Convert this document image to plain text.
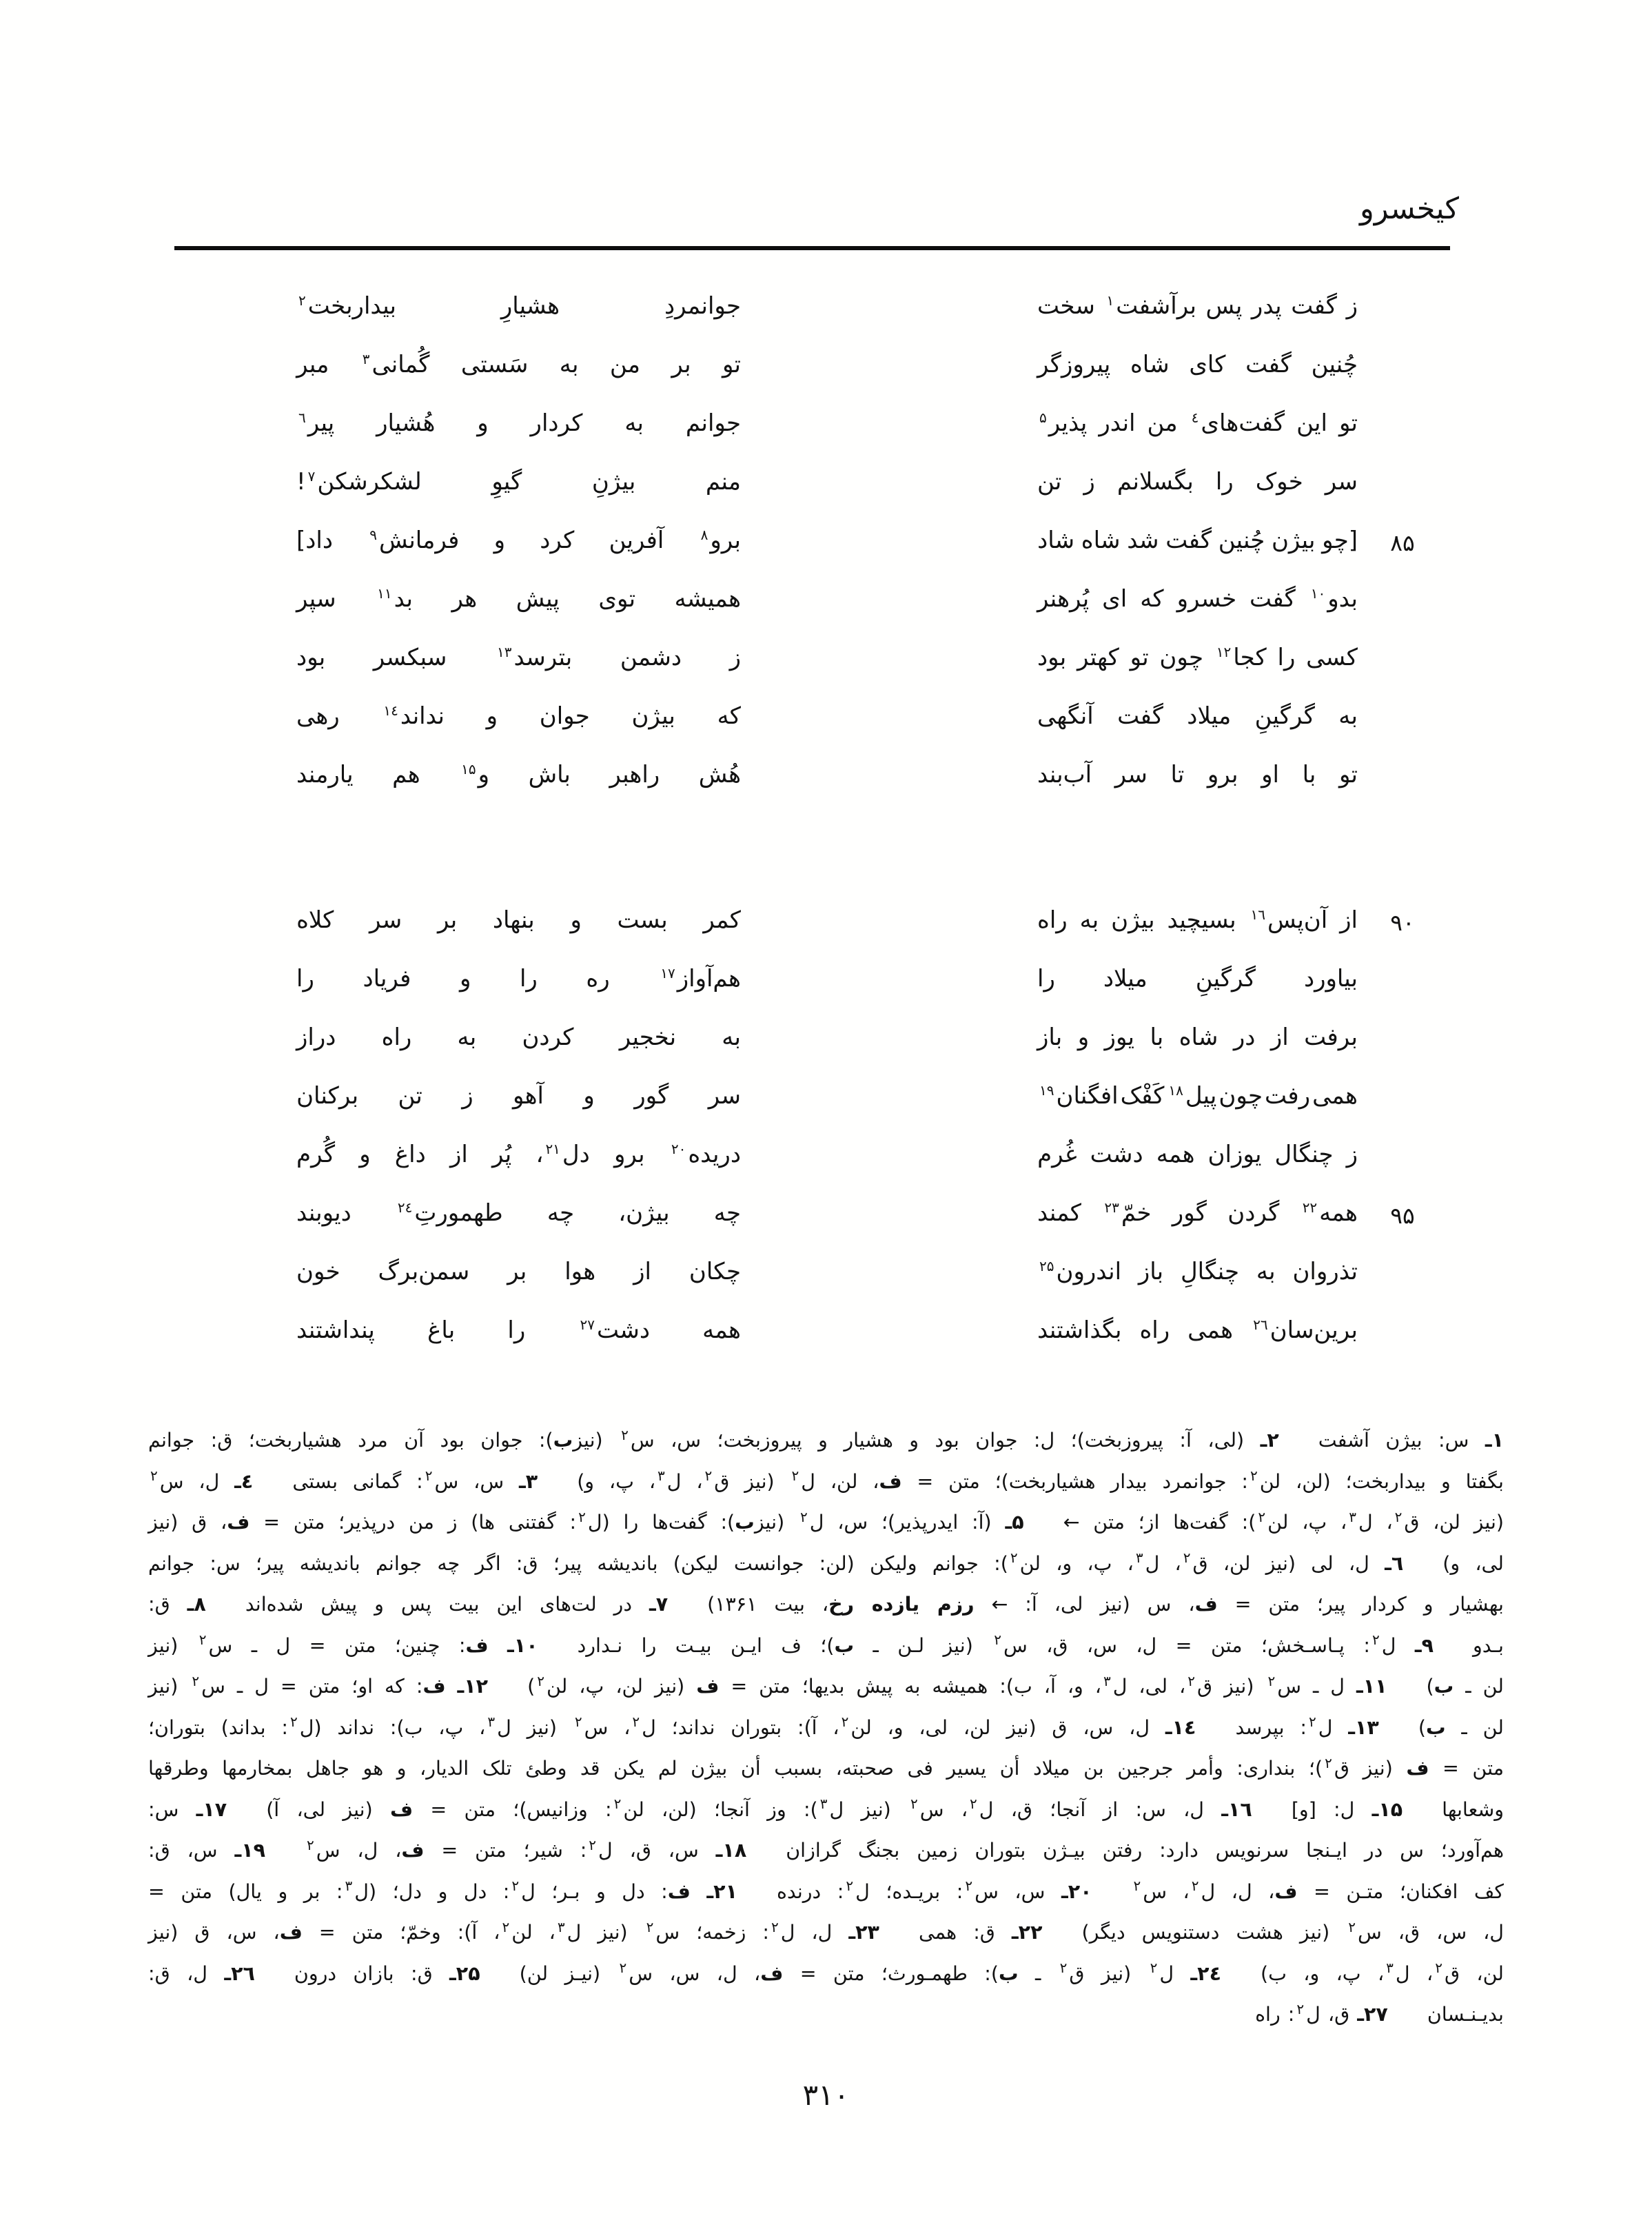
کیخسرو
ز
گفت
پدر
پس
برآشفت$^۱$
سخت
جوانمردِ
هشیارِ
بیداربخت$^۲$
چُنین
گفت
کای
شاه
پیروزگر
تو
بر
من
به
سَستی
گُمانی$^۳$
مبر
تو
این
گفت‌های$^٤$
من
اندر
پذیر$^۵$
جوانم
به
کردار
و
هُشیار
پیر$^٦$
سر
خوک
را
بگسلانم
ز
تن
منم
بیژنِ
گیوِ
لشکرشکن$^۷$!
۸۵
[چو
بیژن
چُنین
گفت
شد
شاه
شاد
برو$^۸$
آفرین
کرد
و
فرمانش$^۹$
داد]
بدو$^{۱۰}$
گفت
خسرو
که
ای
پُرهنر
همیشه
توی
پیش
هر
بد$^{۱۱}$
سپر
کسی
را
کجا$^{۱۲}$
چون
تو
کهتر
بود
ز
دشمن
بترسد$^{۱۳}$
سبکسر
بود
به
گرگینِ
میلاد
گفت
آنگهی
که
بیژن
جوان
و
نداند$^{۱٤}$
رهی
تو
با
او
برو
تا
سر
آب‌بند
هُش
راهبر
باش
و$^{۱۵}$
هم
یارمند
۹۰
از
آن‌پس$^{۱٦}$
بسیچید
بیژن
به
راه
کمر
بست
و
بنهاد
بر
سر
کلاه
بیاورد
گرگینِ
میلاد
را
هم‌آواز$^{۱۷}$
ره
را
و
فریاد
را
برفت
از
در
شاه
با
یوز
و
باز
به
نخجیر
کردن
به
راه
دراز
همی
رفت
چون
پیل$^{۱۸}$
کَفْک
افگنان$^{۱۹}$
سر
گور
و
آهو
ز
تن
برکنان
ز
چنگال
یوزان
همه
دشت
غُرم
دریده$^{۲۰}$
برو
دل$^{۲۱}$،
پُر
از
داغ
و
گُرم
۹۵
همه$^{۲۲}$
گردن
گور
خمّ$^{۲۳}$
کمند
چه
بیژن،
چه
طهمورتِ$^{۲٤}$
دیوبند
تذروان
به
چنگالِ
باز
اندرون$^{۲۵}$
چکان
از
هوا
بر
سمن‌برگ
خون
برین‌سان$^{۲٦}$
همی
راه
بگذاشتند
همه
دشت$^{۲۷}$
را
باغ
پنداشتند
۱ـ س: بیژن آشفت  ۲ـ (لی، آ: پیروزبخت)؛ ل: جوان بود و هشیار و پیروزبخت؛ س، س$^۲$ (نیزب): جوان بود آن مرد هشیاربخت؛ ق: جوانم
بگفتا و بیداربخت؛ (لن، لن$^۲$: جوانمرد بیدار هشیاربخت)؛ متن = ف، لن، ل$^۲$ (نیز ق$^۲$، ل$^۳$، پ، و)  ۳ـ س، س$^۲$: گمانی بستی  ٤ـ ل، س$^۲$
(نیز لن، ق$^۲$، ل$^۳$، پ، لن$^۲$): گفت‌ها از؛ متن ←  ۵ـ (آ: ایدرپذیر)؛ س، ل$^۲$ (نیزب): گفت‌ها را (ل$^۲$: گفتنی ها) ز من درپذیر؛ متن = ف، ق (نیز
لی، و)  ٦ـ ل، لی (نیز لن، ق$^۲$، ل$^۳$، پ، و، لن$^۲$): جوانم ولیکن (لن: جوانست لیکن) باندیشه پیر؛ ق: اگر چه جوانم باندیشه پیر؛ س: جوانم
بهشیار و کردار پیر؛ متن = ف، س (نیز لی، آ: ← رزم یازده رخ، بیت ۱۳۶۱)  ۷ـ در لت‌های این بیت پس و پیش شده‌اند  ۸ـ ق:
بـدو  ۹ـ ل$^۲$: پـاسـخش؛ متن = ل، س، ق، س$^۲$ (نیز لـن ـ ب)؛ ف ایـن بیـت را نـدارد  ۱۰ـ ف: چنین؛ متن = ل ـ س$^۲$ (نیز
لن ـ ب)  ۱۱ـ ل ـ س$^۲$ (نیز ق$^۲$، لی، ل$^۳$، و، آ، ب): همیشه به پیش بدیها؛ متن = ف (نیز لن، پ، لن$^۲$)  ۱۲ـ ف: که او؛ متن = ل ـ س$^۲$ (نیز
لن ـ ب)  ۱۳ـ ل$^۲$: بپرسد  ۱٤ـ ل، س، ق (نیز لن، لی، و، لن$^۲$، آ): بتوران نداند؛ ل$^۲$، س$^۲$ (نیز ل$^۳$، پ، ب): نداند (ل$^۲$: بداند) بتوران؛
متن = ف (نیز ق$^۲$)؛ بنداری: وأمر جرجین بن میلاد أن یسیر فی صحبته، بسبب أن بیژن لم یکن قد وطئ تلک الدیار، و هو جاهل بمخارمها وطرقها
وشعابها  ۱۵ـ ل: [و]  ۱٦ـ ل، س: از آنجا؛ ق، ل$^۲$، س$^۲$ (نیز ل$^۳$): وز آنجا؛ (لن، لن$^۲$: وزانیس)؛ متن = ف (نیز لی، آ)  ۱۷ـ س:
هم‌آورد؛ س در ایـنجا سرنویس دارد: رفتن بیـژن بتوران زمین بجنگ گرازان  ۱۸ـ س، ق، ل$^۲$: شیر؛ متن = ف، ل، س$^۲$  ۱۹ـ س، ق:
کف افکنان؛ متـن = ف، ل، ل$^۲$، س$^۲$  ۲۰ـ س، س$^۲$: بریـده؛ ل$^۲$: درنده  ۲۱ـ ف: دل و بـر؛ ل$^۲$: دل و دل؛ (ل$^۳$: بر و یال) متن =
ل، س، ق، س$^۲$ (نیز هشت دستنویس دیگر)  ۲۲ـ ق: همی  ۲۳ـ ل، ل$^۲$: زخمه؛ س$^۲$ (نیز ل$^۳$، لن$^۲$، آ): وخمّ؛ متن = ف، س، ق (نیز
لن، ق$^۲$، ل$^۳$، پ، و، ب)  ۲٤ـ ل$^۲$ (نیز ق$^۲$ ـ ب): طهمـورث؛ متن = ف، ل، س، س$^۲$ (نیـز لن)  ۲۵ـ ق: بازان درون  ۲٦ـ ل، ق:
بدیـنـسان  ۲۷ـ ق، ل$^۲$: راه
۳۱۰
